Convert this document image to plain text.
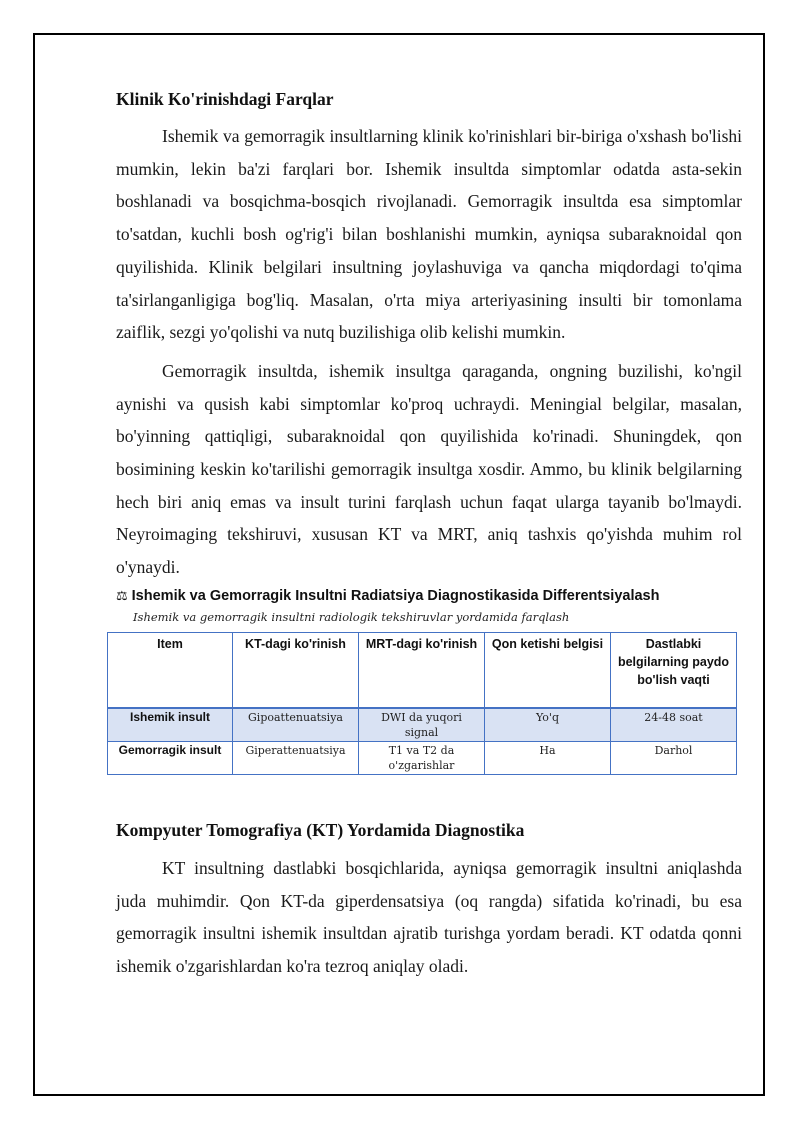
Klinik Ko'rinishdagi Farqlar

Ishemik va gemorragik insultlarning klinik ko'rinishlari bir-biriga o'xshash bo'lishi mumkin, lekin ba'zi farqlari bor. Ishemik insultda simptomlar odatda asta-sekin boshlanadi va bosqichma-bosqich rivojlanadi. Gemorragik insultda esa simptomlar to'satdan, kuchli bosh og'rig'i bilan boshlanishi mumkin, ayniqsa subaraknoidal qon quyilishida. Klinik belgilari insultning joylashuviga va qancha miqdordagi to'qima ta'sirlanganligiga bog'liq. Masalan, o'rta miya arteriyasining insulti bir tomonlama zaiflik, sezgi yo'qolishi va nutq buzilishiga olib kelishi mumkin.

Gemorragik insultda, ishemik insultga qaraganda, ongning buzilishi, ko'ngil aynishi va qusish kabi simptomlar ko'proq uchraydi. Meningial belgilar, masalan, bo'yinning qattiqligi, subaraknoidal qon quyilishida ko'rinadi. Shuningdek, qon bosimining keskin ko'tarilishi gemorragik insultga xosdir. Ammo, bu klinik belgilarning hech biri aniq emas va insult turini farqlash uchun faqat ularga tayanib bo'lmaydi. Neyroimaging tekshiruvi, xususan KT va MRT, aniq tashxis qo'yishda muhim rol o'ynaydi.

⚖ Ishemik va Gemorragik Insultni Radiatsiya Diagnostikasida Differentsiyalash
Ishemik va gemorragik insultni radiologik tekshiruvlar yordamida farqlash
Item	KT-dagi ko'rinish	MRT-dagi ko'rinish	Qon ketishi belgisi	Dastlabki belgilarning paydo bo'lish vaqti
Ishemik insult	Gipoattenuatsiya	DWI da yuqori signal	Yo'q	24-48 soat
Gemorragik insult	Giperattenuatsiya	T1 va T2 da o'zgarishlar	Ha	Darhol
Kompyuter Tomografiya (KT) Yordamida Diagnostika

KT insultning dastlabki bosqichlarida, ayniqsa gemorragik insultni aniqlashda juda muhimdir. Qon KT-da giperdensatsiya (oq rangda) sifatida ko'rinadi, bu esa gemorragik insultni ishemik insultdan ajratib turishga yordam beradi. KT odatda qonni ishemik o'zgarishlardan ko'ra tezroq aniqlay oladi.
